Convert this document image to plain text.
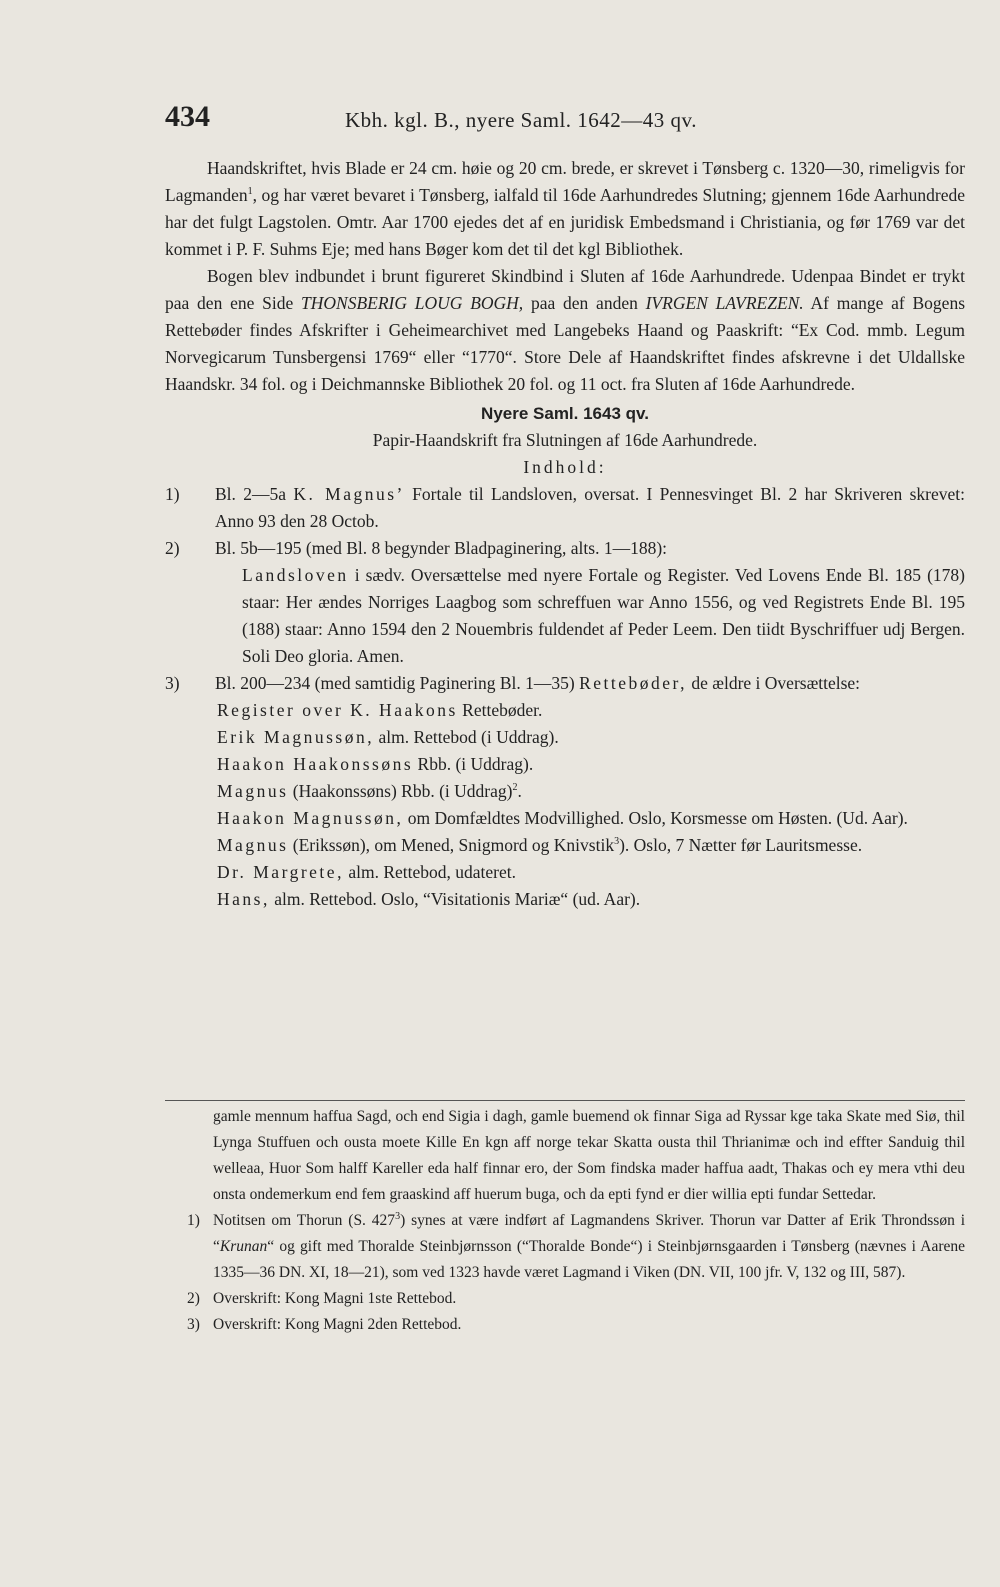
434	Kbh. kgl. B., nyere Saml. 1642—43 qv.

Haandskriftet, hvis Blade er 24 cm. høie og 20 cm. brede, er skrevet i Tønsberg c. 1320—30, rimeligvis for Lagmanden$^1$, og har været bevaret i Tønsberg, ialfald til 16de Aarhundredes Slutning; gjennem 16de Aarhundrede har det fulgt Lagstolen. Omtr. Aar 1700 ejedes det af en juridisk Embedsmand i Christiania, og før 1769 var det kommet i P. F. Suhms Eje; med hans Bøger kom det til det kgl Bibliothek.

Bogen blev indbundet i brunt figureret Skindbind i Sluten af 16de Aarhundrede. Udenpaa Bindet er trykt paa den ene Side THONSBERIG LOUG BOGH, paa den anden IVRGEN LAVREZEN. Af mange af Bogens Rettebøder findes Afskrifter i Geheimearchivet med Langebeks Haand og Paaskrift: “Ex Cod. mmb. Legum Norvegicarum Tunsbergensi 1769“ eller “1770“. Store Dele af Haandskriftet findes afskrevne i det Uldallske Haandskr. 34 fol. og i Deichmannske Bibliothek 20 fol. og 11 oct. fra Sluten af 16de Aarhundrede.

Nyere Saml. 1643 qv.

Papir-Haandskrift fra Slutningen af 16de Aarhundrede.

Indhold:

1) Bl. 2—5a K. Magnus’ Fortale til Landsloven, oversat. I Pennesvinget Bl. 2 har Skriveren skrevet: Anno 93 den 28 Octob.
2) Bl. 5b—195 (med Bl. 8 begynder Bladpaginering, alts. 1—188):
Landsloven i sædv. Oversættelse med nyere Fortale og Register. Ved Lovens Ende Bl. 185 (178) staar: Her ændes Norriges Laagbog som schreffuen war Anno 1556, og ved Registrets Ende Bl. 195 (188) staar: Anno 1594 den 2 Nouembris fuldendet af Peder Leem. Den tiidt Byschriffuer udj Bergen. Soli Deo gloria. Amen.
3) Bl. 200—234 (med samtidig Paginering Bl. 1—35) Rettebøder, de ældre i Oversættelse:
Register over K. Haakons Rettebøder.
Erik Magnussøn, alm. Rettebod (i Uddrag).
Haakon Haakonssøns Rbb. (i Uddrag).
Magnus (Haakonssøns) Rbb. (i Uddrag)$^2$.
Haakon Magnussøn, om Domfældtes Modvillighed. Oslo, Korsmesse om Høsten. (Ud. Aar).
Magnus (Erikssøn), om Mened, Snigmord og Knivstik$^3$). Oslo, 7 Nætter før Lauritsmesse.
Dr. Margrete, alm. Rettebod, udateret.
Hans, alm. Rettebod. Oslo, “Visitationis Mariæ“ (ud. Aar).
gamle mennum haffua Sagd, och end Sigia i dagh, gamle buemend ok finnar Siga ad Ryssar kge taka Skate med Siø, thil Lynga Stuffuen och ousta moete Kille En kgn aff norge tekar Skatta ousta thil Thrianimæ och ind effter Sanduig thil welleaa, Huor Som halff Kareller eda half finnar ero, der Som findska mader haffua aadt, Thakas och ey mera vthi deu onsta ondemerkum end fem graaskind aff huerum buga, och da epti fynd er dier willia epti fundar Settedar.

1) Notitsen om Thorun (S. $427^3$) synes at være indført af Lagmandens Skriver. Thorun var Datter af Erik Throndssøn i “Krunan“ og gift med Thoralde Steinbjørnsson (“Thoralde Bonde“) i Steinbjørnsgaarden i Tønsberg (nævnes i Aarene 1335—36 DN. XI, 18—21), som ved 1323 havde været Lagmand i Viken (DN. VII, 100 jfr. V, 132 og III, 587).

2) Overskrift: Kong Magni 1ste Rettebod.

3) Overskrift: Kong Magni 2den Rettebod.
